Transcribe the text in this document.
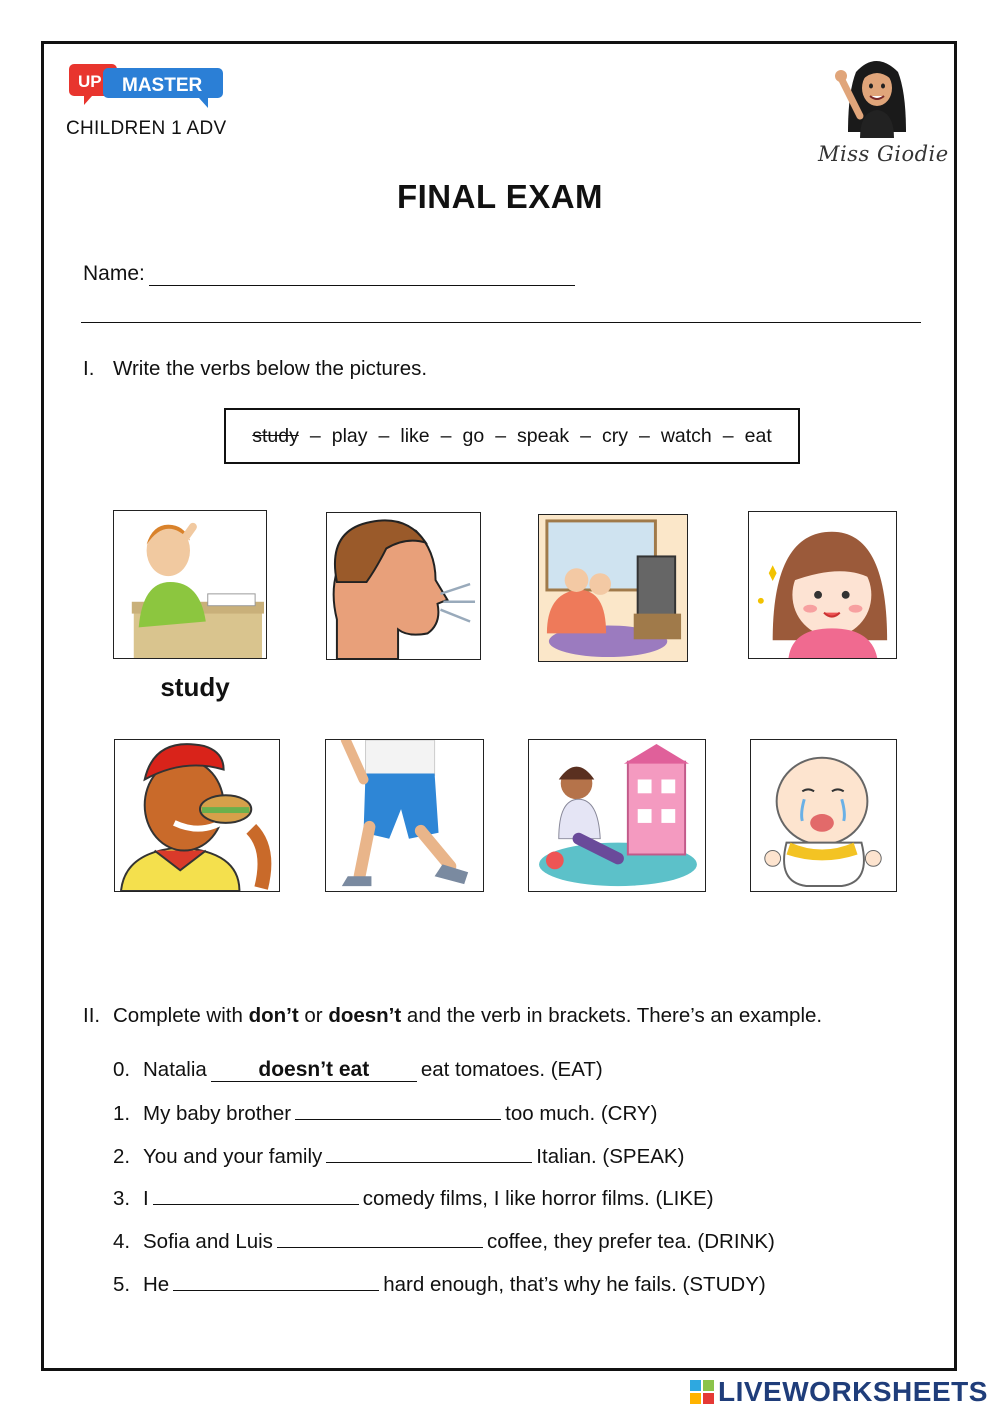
UP MASTER
CHILDREN 1 ADV
Miss Giodie
FINAL EXAM
Name:
I. Write the verbs below the pictures.
study – play – like – go – speak – cry – watch – eat
study
II. Complete with don’t or doesn’t and the verb in brackets. There’s an example.
0. Natalia doesn’t eat	eat tomatoes. (EAT)
1. My baby brother	too much. (CRY)
2. You and your family	Italian. (SPEAK)
3. I	comedy films, I like horror films. (LIKE)
4. Sofia and Luis	coffee, they prefer tea. (DRINK)
5. He	hard enough, that’s why he fails. (STUDY)
LIVEWORKSHEETS
